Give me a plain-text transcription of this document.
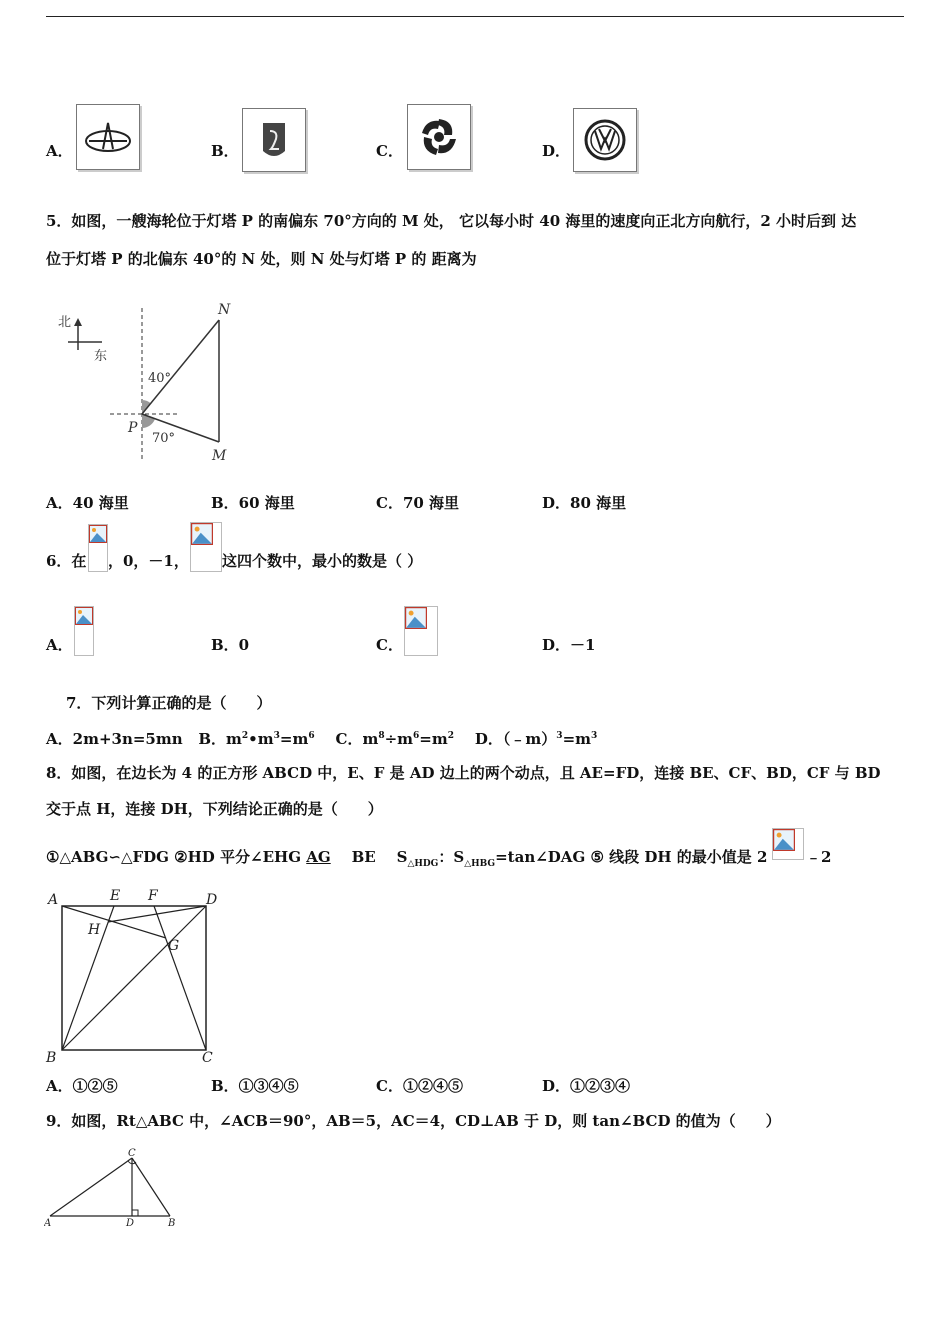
A．	B．	C．	D．
5．如图，一艘海轮位于灯塔 P 的南偏东 70°方向的 M 处， 它以每小时 40 海里的速度向正北方向航行，2 小时后到 达
位于灯塔 P 的北偏东 40°的 N 处，则 N 处与灯塔 P 的 距离为
北
东
N
M
P
40°
70°
A．40 海里	B．60 海里	C．70 海里	D．80 海里
6．在 ，0，－1， 这四个数中，最小的数是（ ）
A．	B．0	C．	D．－1
7．下列计算正确的是（　　）
A．2m+3n=5mn B．$m^2•m^3=m^6$ C．$m^8\div m^6=m^2$ D．$(﹣m)^3=m^3$
8．如图，在边长为 4 的正方形 ABCD 中，E、F 是 AD 边上的两个动点，且 AE=FD，连接 BE、CF、BD，CF 与 BD
交于点 H，连接 DH，下列结论正确的是（　　）
①△ABG∽△FDG ②HD 平分∠EHG AG BE $S_{\triangle HDG}$：$S_{\triangle HBG}=\tan\angle DAG$ ⑤ 线段 DH 的最小值是 2	﹣2
A	E F	D
H
G
B	C
A．①②⑤	B．①③④⑤	C．①②④⑤	D．①②③④
9．如图，Rt△ABC 中，∠ACB＝90°，AB＝5，AC＝4，CD⊥AB 于 D，则 tan∠BCD 的值为（　　）
A	B
C
D
